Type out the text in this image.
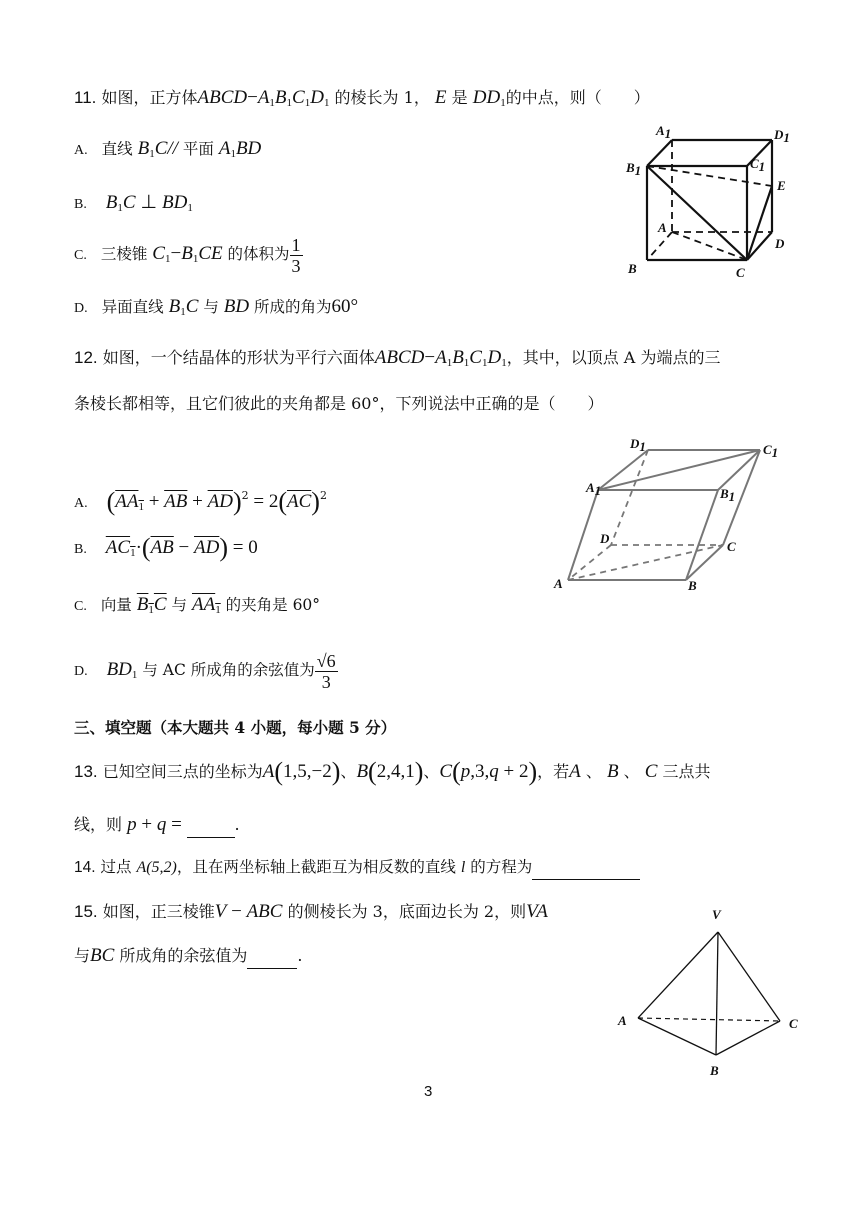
11. 如图，正方体$ABCD-A_1B_1C_1D_1$ 的棱长为 1， E 是 $DD_1$的中点，则（　　）
A. 直线 $B_1C//$ 平面 $A_1BD$
B. $B_1C$ ⊥ $BD_1$
C. 三棱锥 $C_1-B_1CE$ 的体积为 $\frac{1}{3}$
D. 异面直线 $B_1C$ 与 BD 所成的角为60°
A1	D1
B1	C1
E
A
D
B	C
12. 如图，一个结晶体的形状为平行六面体$ABCD-A_1B_1C_1D_1$，其中，以顶点 A 为端点的三
条棱长都相等，且它们彼此的夹角都是 60°，下列说法中正确的是（　　）
A. $(AA_1 + \overline{AB} + \overline{AD})^2 = 2(\overline{AC})^2$
B. $AC_1\cdot(\overline{AB} - \overline{AD}) = 0$
C. 向量 $B_1C$ 与 $AA_1$ 的夹角是 60°
D. $BD_1$ 与 AC 所成角的余弦值为 $\frac{√6}{3}$
D1	C1
A1	B1
D
C
A	B
三、填空题（本大题共 4 小题，每小题 5 分）
13. 已知空间三点的坐标为A(1,5,−2)、B(2,4,1)、C(p,3,q + 2)，若A 、 B 、 C 三点共
线，则 p + q =	.
14. 过点 A(5,2)，且在两坐标轴上截距互为相反数的直线 l 的方程为
15. 如图，正三棱锥V − ABC 的侧棱长为 3，底面边长为 2，则VA
与BC 所成角的余弦值为	.
V
A	C
B
3
